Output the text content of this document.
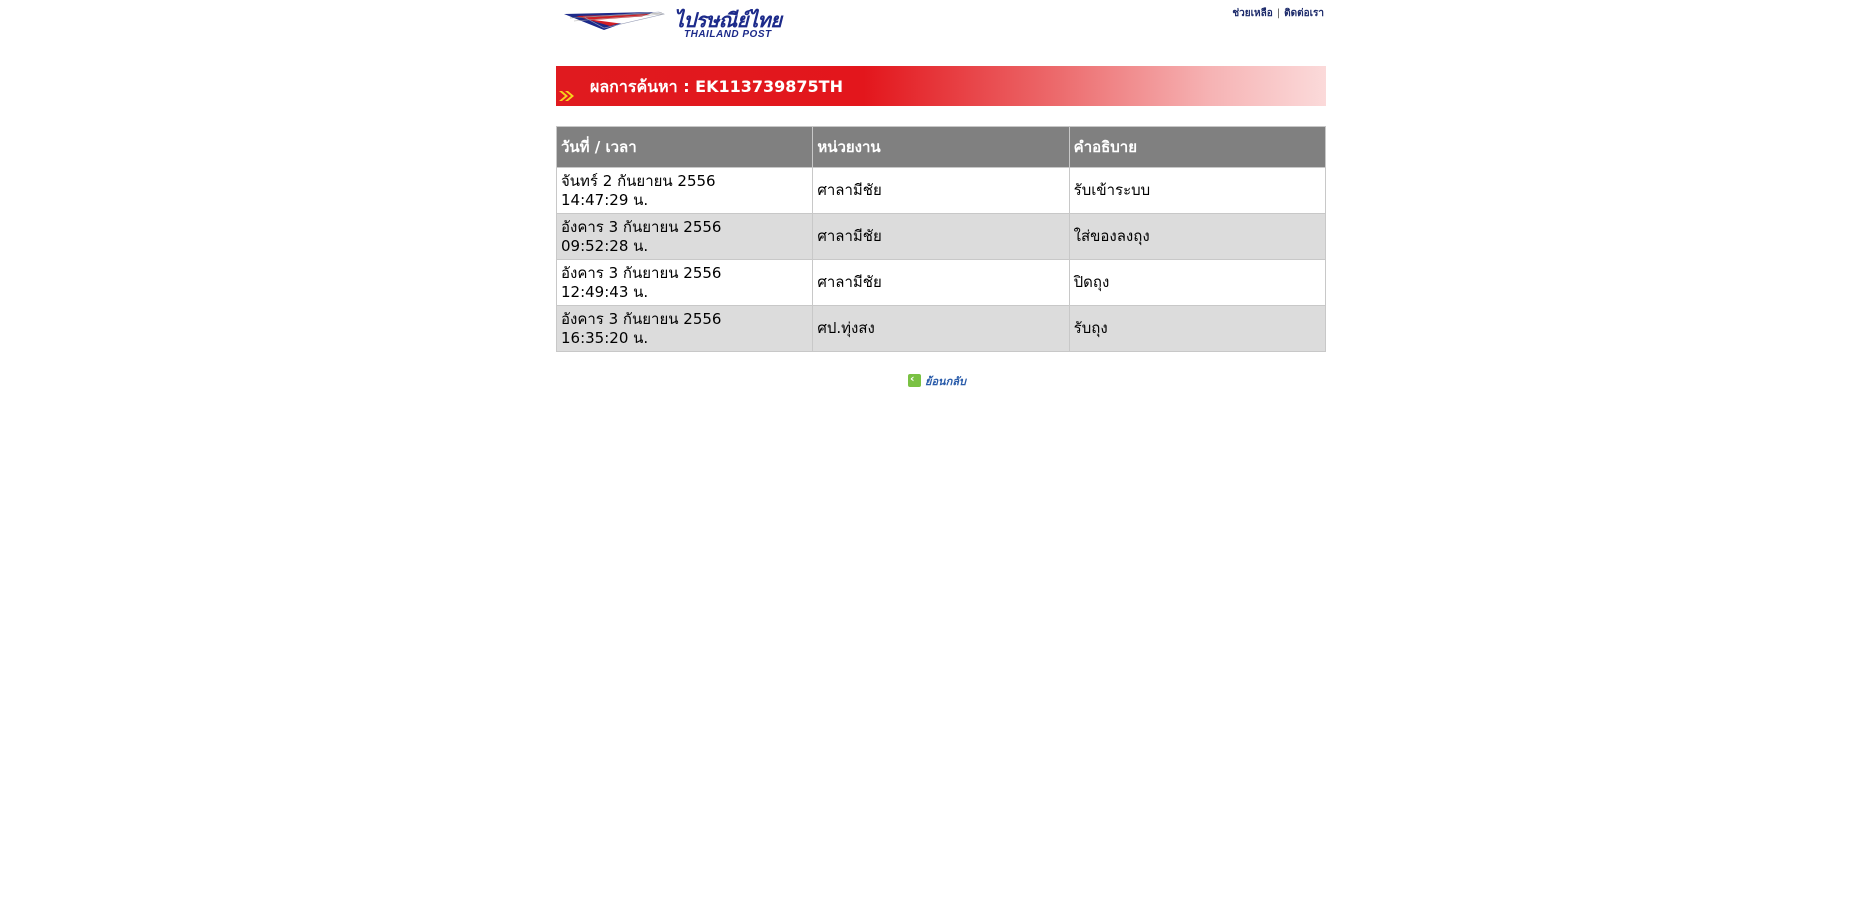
ไปรษณีย์ไทย
THAILAND POST
ช่วยเหลือ | ติดต่อเรา
ผลการค้นหา : EK113739875TH
วันที่ / เวลา	หน่วยงาน	คำอธิบาย
จันทร์ 2 กันยายน 2556
14:47:29 น.	ศาลามีชัย	รับเข้าระบบ
อังคาร 3 กันยายน 2556
09:52:28 น.	ศาลามีชัย	ใส่ของลงถุง
อังคาร 3 กันยายน 2556
12:49:43 น.	ศาลามีชัย	ปิดถุง
อังคาร 3 กันยายน 2556
16:35:20 น.	ศป.ทุ่งสง	รับถุง
‹ ย้อนกลับ
